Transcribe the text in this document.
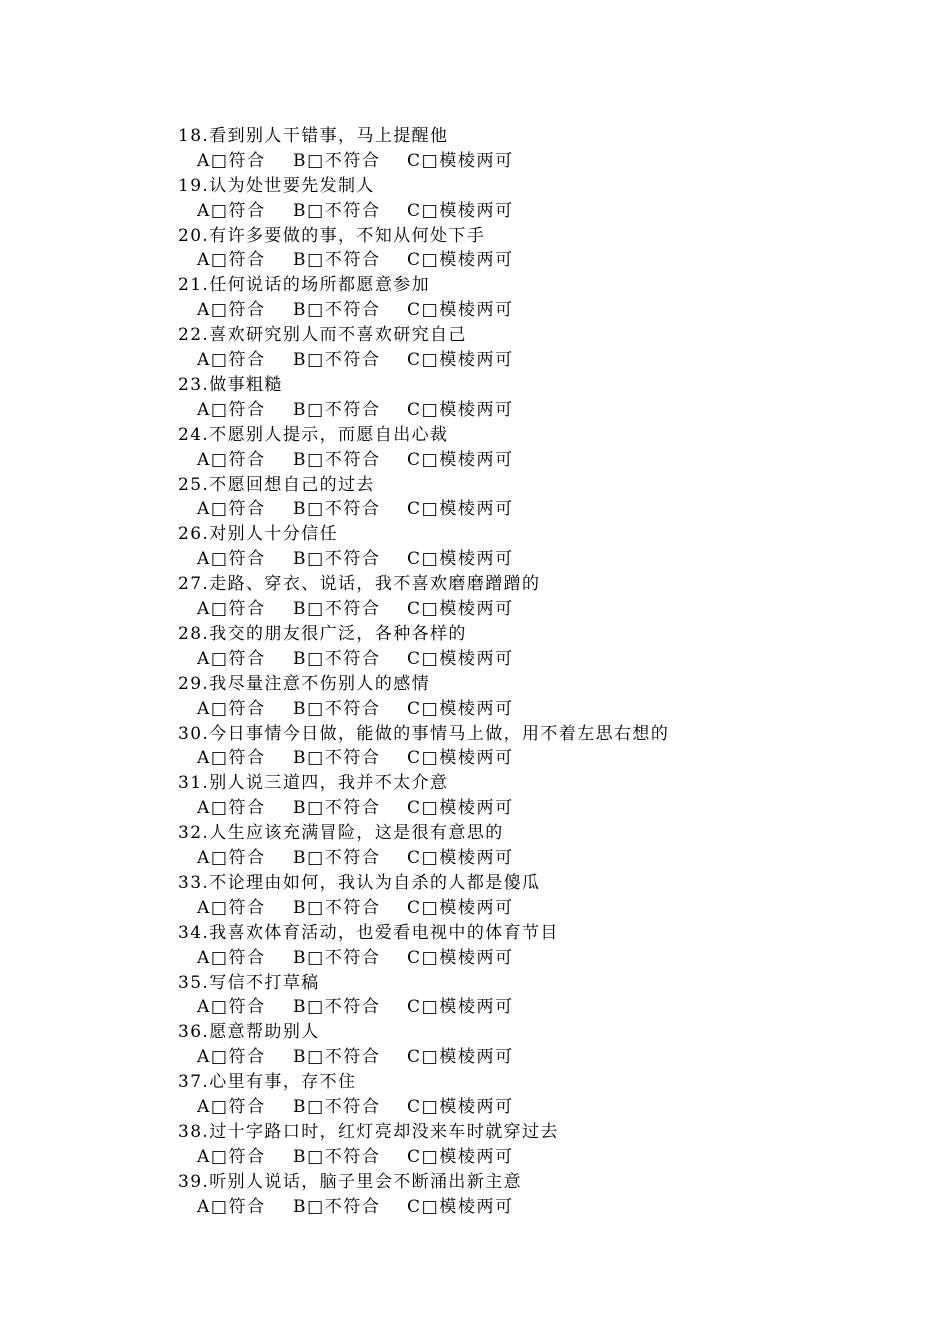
18.看到别人干错事，马上提醒他
A□符合 B□不符合 C□模棱两可
19.认为处世要先发制人
A□符合 B□不符合 C□模棱两可
20.有许多要做的事，不知从何处下手
A□符合 B□不符合 C□模棱两可
21.任何说话的场所都愿意参加
A□符合 B□不符合 C□模棱两可
22.喜欢研究别人而不喜欢研究自己
A□符合 B□不符合 C□模棱两可
23.做事粗糙
A□符合 B□不符合 C□模棱两可
24.不愿别人提示，而愿自出心裁
A□符合 B□不符合 C□模棱两可
25.不愿回想自己的过去
A□符合 B□不符合 C□模棱两可
26.对别人十分信任
A□符合 B□不符合 C□模棱两可
27.走路、穿衣、说话，我不喜欢磨磨蹭蹭的
A□符合 B□不符合 C□模棱两可
28.我交的朋友很广泛，各种各样的
A□符合 B□不符合 C□模棱两可
29.我尽量注意不伤别人的感情
A□符合 B□不符合 C□模棱两可
30.今日事情今日做，能做的事情马上做，用不着左思右想的
A□符合 B□不符合 C□模棱两可
31.别人说三道四，我并不太介意
A□符合 B□不符合 C□模棱两可
32.人生应该充满冒险，这是很有意思的
A□符合 B□不符合 C□模棱两可
33.不论理由如何，我认为自杀的人都是傻瓜
A□符合 B□不符合 C□模棱两可
34.我喜欢体育活动，也爱看电视中的体育节目
A□符合 B□不符合 C□模棱两可
35.写信不打草稿
A□符合 B□不符合 C□模棱两可
36.愿意帮助别人
A□符合 B□不符合 C□模棱两可
37.心里有事，存不住
A□符合 B□不符合 C□模棱两可
38.过十字路口时，红灯亮却没来车时就穿过去
A□符合 B□不符合 C□模棱两可
39.听别人说话，脑子里会不断涌出新主意
A□符合 B□不符合 C□模棱两可
